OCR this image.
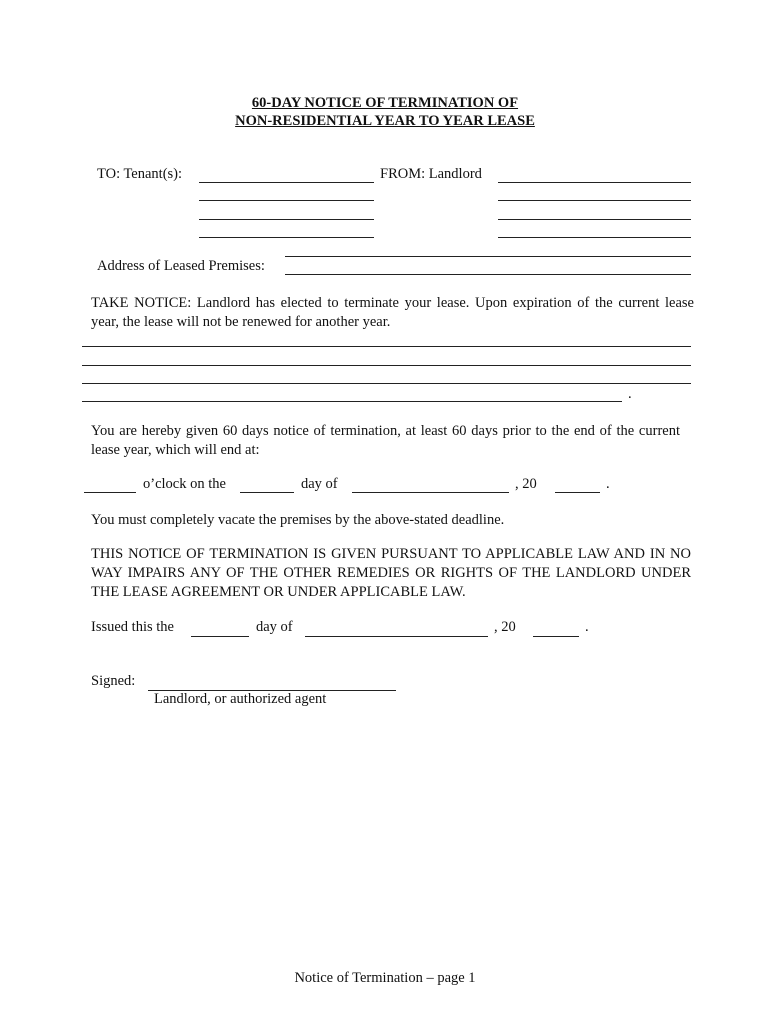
60-DAY NOTICE OF TERMINATION OF
NON-RESIDENTIAL YEAR TO YEAR LEASE
TO: Tenant(s):	FROM: Landlord
Address of Leased Premises:
TAKE NOTICE: Landlord has elected to terminate your lease. Upon expiration of the current lease year, the lease will not be renewed for another year.
.
You are hereby given 60 days notice of termination, at least 60 days prior to the end of the current lease year, which will end at:
o’clock on the	day of	, 20	.
You must completely vacate the premises by the above-stated deadline.
THIS NOTICE OF TERMINATION IS GIVEN PURSUANT TO APPLICABLE LAW AND IN NO WAY IMPAIRS ANY OF THE OTHER REMEDIES OR RIGHTS OF THE LANDLORD UNDER THE LEASE AGREEMENT OR UNDER APPLICABLE LAW.
Issued this the	day of	, 20	.
Signed:
Landlord, or authorized agent
Notice of Termination – page 1
